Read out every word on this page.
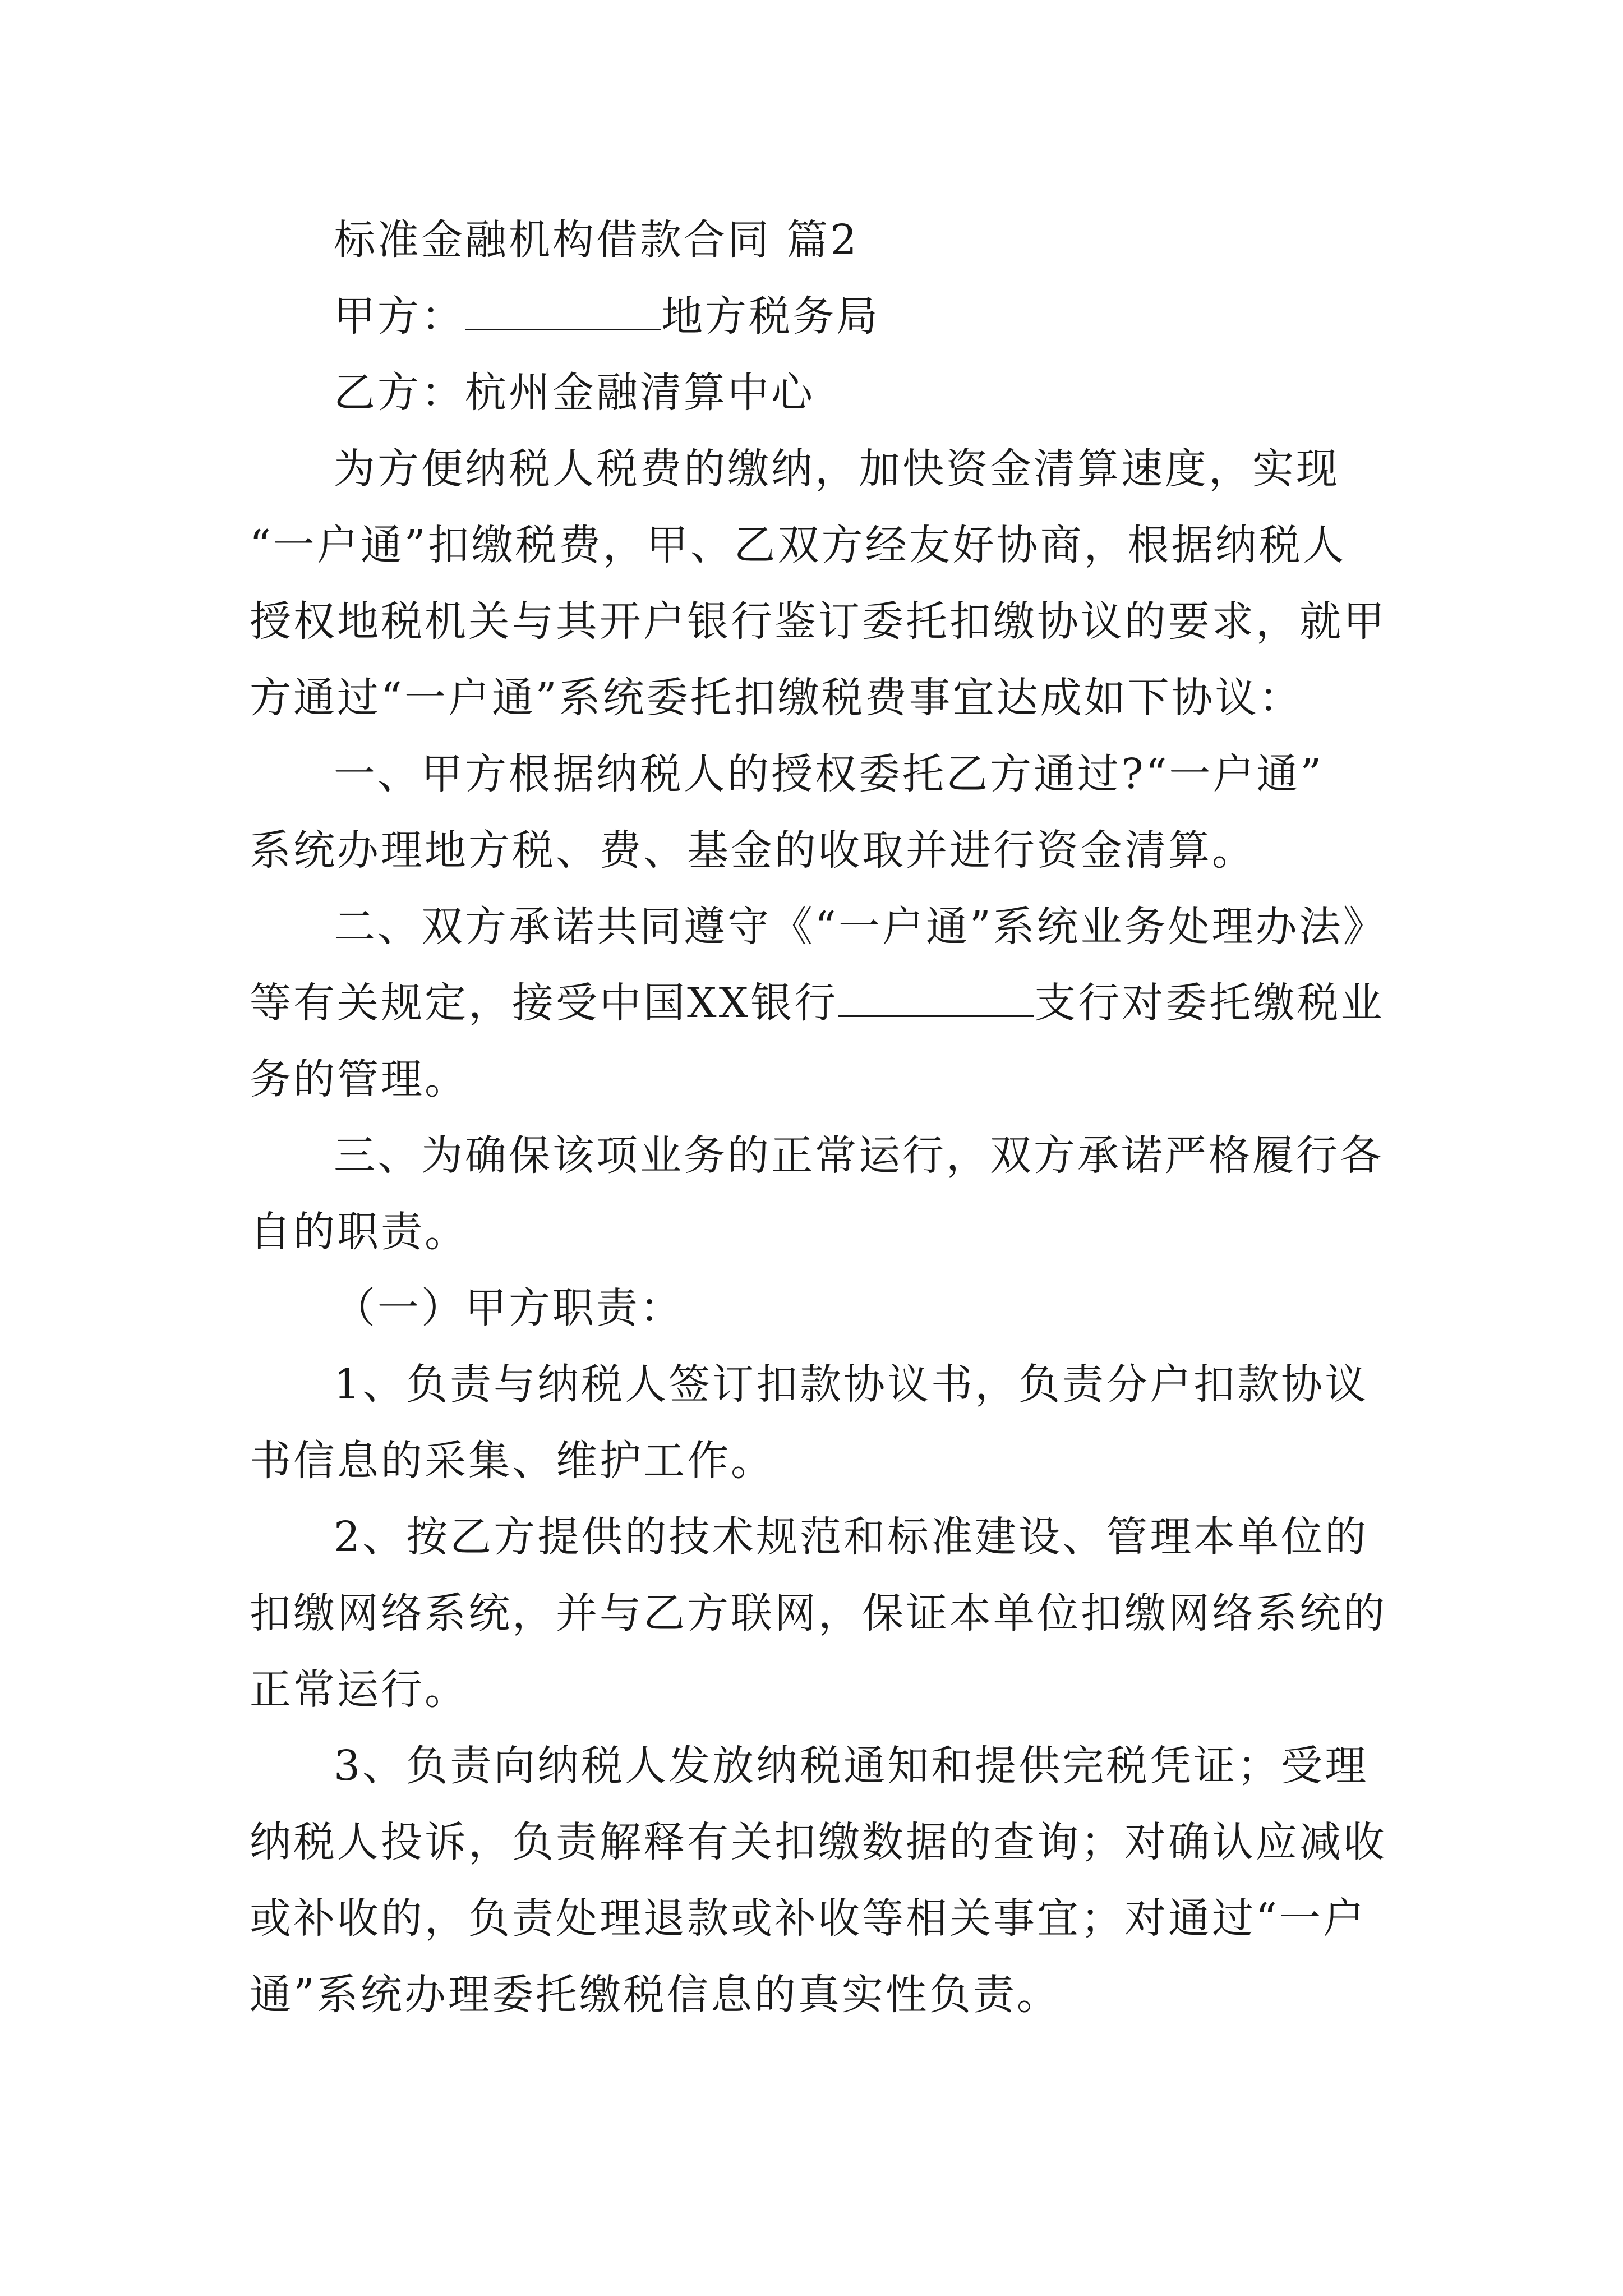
标准金融机构借款合同 篇2
甲方：	地方税务局
乙方：杭州金融清算中心
为方便纳税人税费的缴纳，加快资金清算速度，实现
“一户通”扣缴税费，甲、乙双方经友好协商，根据纳税人
授权地税机关与其开户银行鉴订委托扣缴协议的要求，就甲
方通过“一户通”系统委托扣缴税费事宜达成如下协议：
一、甲方根据纳税人的授权委托乙方通过?“一户通”
系统办理地方税、费、基金的收取并进行资金清算。
二、双方承诺共同遵守《“一户通”系统业务处理办法》
等有关规定，接受中国XX银行	支行对委托缴税业
务的管理。
三、为确保该项业务的正常运行，双方承诺严格履行各
自的职责。
（一）甲方职责：
1、负责与纳税人签订扣款协议书，负责分户扣款协议
书信息的采集、维护工作。
2、按乙方提供的技术规范和标准建设、管理本单位的
扣缴网络系统，并与乙方联网，保证本单位扣缴网络系统的
正常运行。
3、负责向纳税人发放纳税通知和提供完税凭证；受理
纳税人投诉，负责解释有关扣缴数据的查询；对确认应减收
或补收的，负责处理退款或补收等相关事宜；对通过“一户
通”系统办理委托缴税信息的真实性负责。
